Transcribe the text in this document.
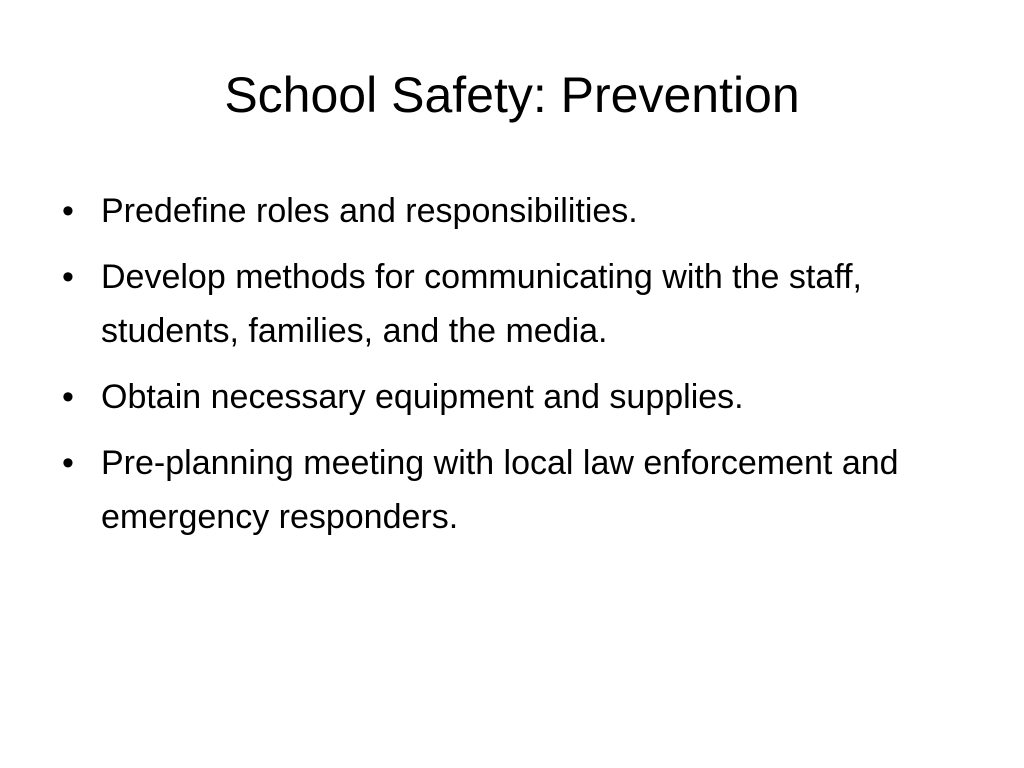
School Safety: Prevention
• Predefine roles and responsibilities.
• Develop methods for communicating with the staff, students, families, and the media.
• Obtain necessary equipment and supplies.
• Pre-planning meeting with local law enforcement and emergency responders.
